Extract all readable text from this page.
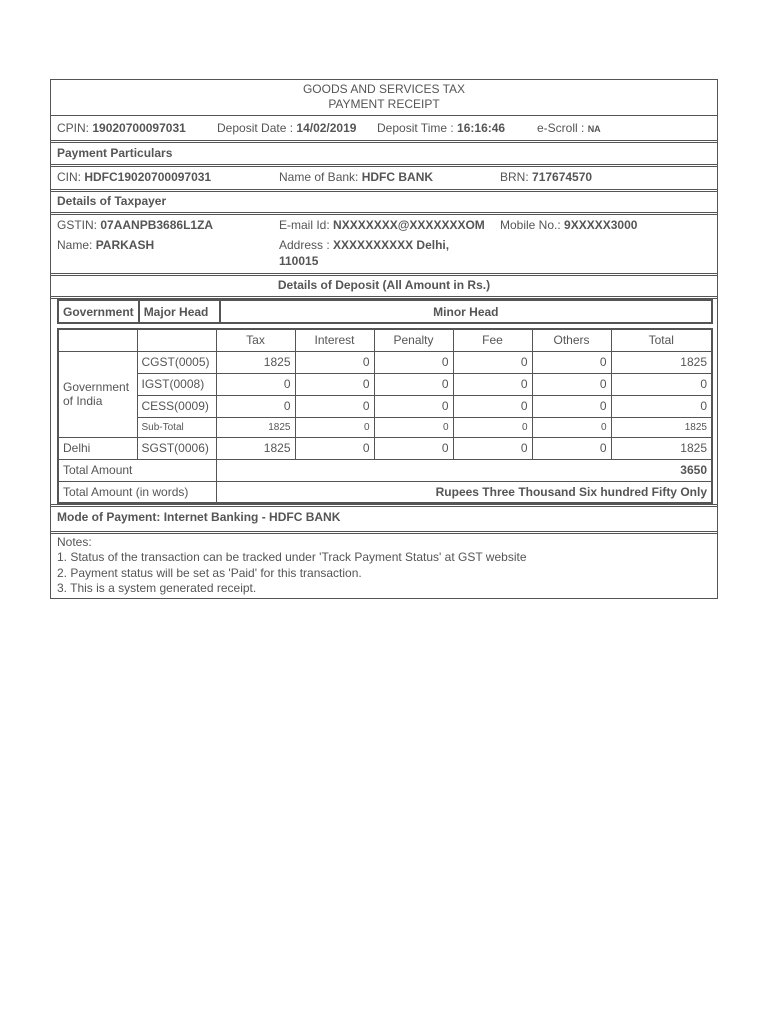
GOODS AND SERVICES TAX
PAYMENT RECEIPT
CPIN: 19020700097031	Deposit Date : 14/02/2019 Deposit Time : 16:16:46	e-Scroll : NA
Payment Particulars
CIN: HDFC19020700097031	Name of Bank: HDFC BANK	BRN: 717674570
Details of Taxpayer
GSTIN: 07AANPB3686L1ZA	E-mail Id: NXXXXXXX@XXXXXXXOM Mobile No.: 9XXXXX3000
Name: PARKASH	Address : XXXXXXXXXX Delhi,
110015
Details of Deposit (All Amount in Rs.)
Government	Major Head	Minor Head
		Tax	Interest	Penalty	Fee	Others	Total
Government of India	CGST(0005)	1825	0	0	0	0	1825
	IGST(0008)	0	0	0	0	0	0
	CESS(0009)	0	0	0	0	0	0
	Sub-Total	1825	0	0	0	0	1825
Delhi	SGST(0006)	1825	0	0	0	0	1825
Total Amount		3650					
Total Amount (in words)		Rupees Three Thousand Six hundred Fifty Only					
Mode of Payment: Internet Banking - HDFC BANK
Notes:
1. Status of the transaction can be tracked under 'Track Payment Status' at GST website
2. Payment status will be set as 'Paid' for this transaction.
3. This is a system generated receipt.
